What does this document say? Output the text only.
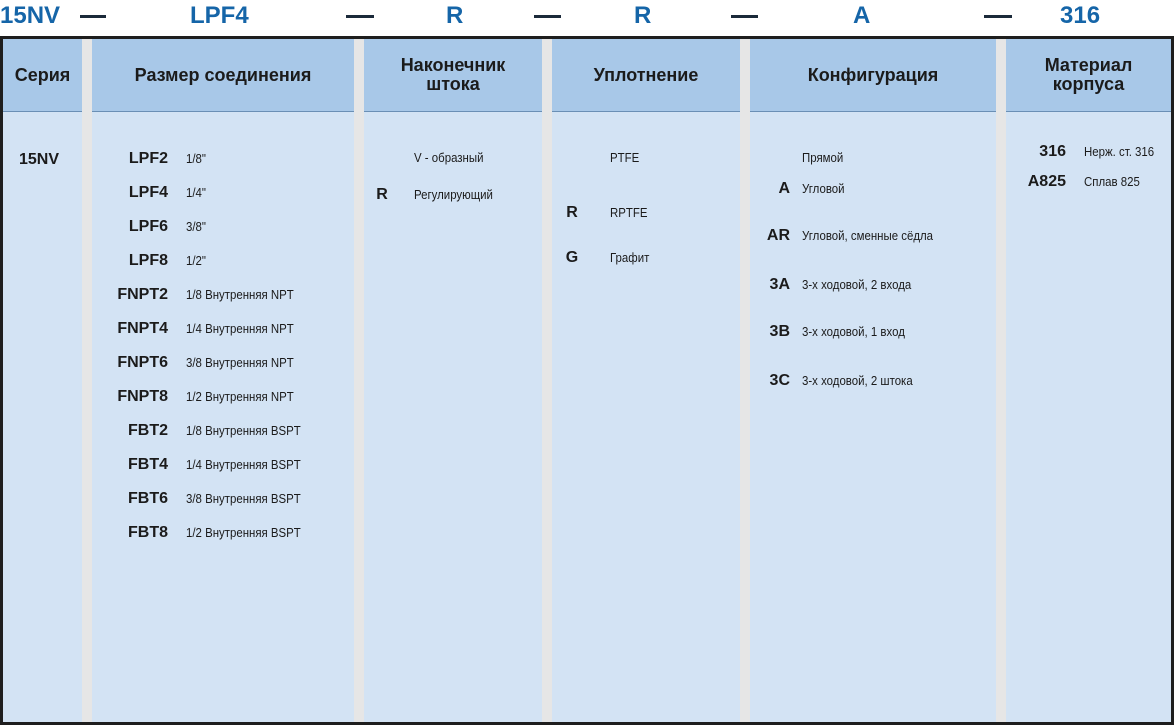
15NV	LPF4	R	R	A	316
Серия
15NV
Размер соединения
LPF2 1/8"
LPF4 1/4"
LPF6 3/8"
LPF8 1/2"
FNPT2 1/8 Внутренняя NPT
FNPT4 1/4 Внутренняя NPT
FNPT6 3/8 Внутренняя NPT
FNPT8 1/2 Внутренняя NPT
FBT2 1/8 Внутренняя BSPT
FBT4 1/4 Внутренняя BSPT
FBT6 3/8 Внутренняя BSPT
FBT8 1/2 Внутренняя BSPT
Наконечник
штока
V - образный
R Регулирующий
Уплотнение
PTFE
R RPTFE
G Графит
Конфигурация
Прямой
A Угловой
AR Угловой, сменные сёдла
3A 3-х ходовой, 2 входа
3B 3-х ходовой, 1 вход
3C 3-х ходовой, 2 штока
Материал
корпуса
316 Нерж. ст. 316
A825 Сплав 825
